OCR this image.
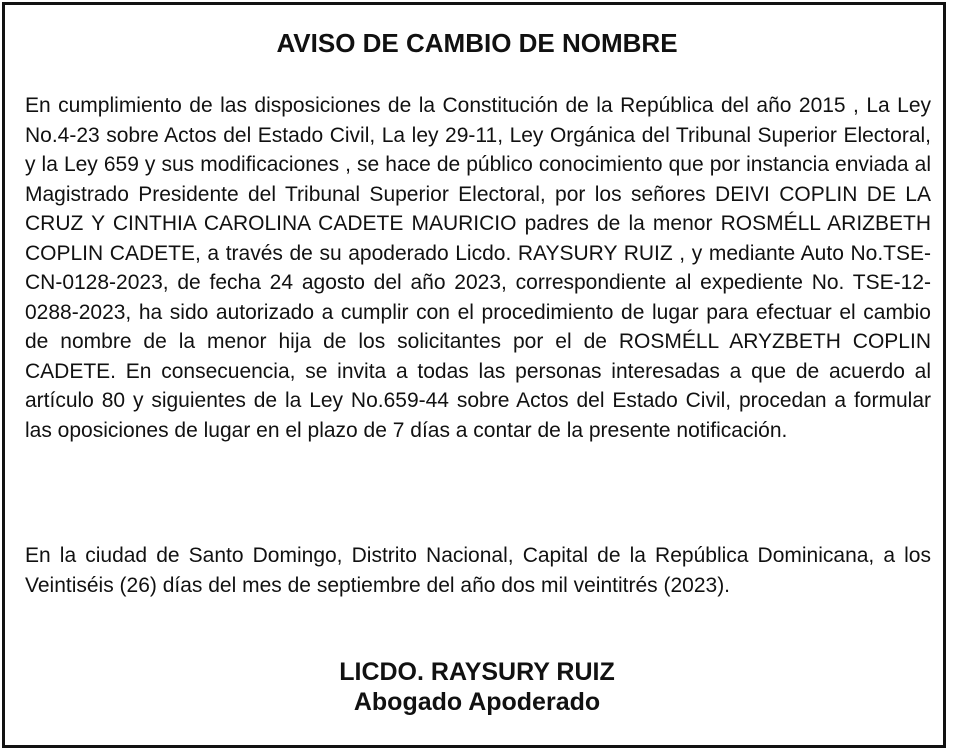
AVISO DE CAMBIO DE NOMBRE

En cumplimiento de las disposiciones de la Constitución de la República del año 2015 , La Ley No.4-23 sobre Actos del Estado Civil, La ley 29-11, Ley Orgánica del Tribunal Superior Electoral, y la Ley 659 y sus modificaciones , se hace de público conocimiento que por instancia enviada al Magistrado Presidente del Tribunal Superior Electoral, por los señores DEIVI COPLIN DE LA CRUZ Y CINTHIA CAROLINA CADETE MAURICIO padres de la menor ROSMÉLL ARIZBETH COPLIN CADETE, a través de su apoderado Licdo. RAYSURY RUIZ , y mediante Auto No.TSE-CN-0128-2023, de fecha 24 agosto del año 2023, correspondiente al expediente No. TSE-12-0288-2023, ha sido autorizado a cumplir con el procedimiento de lugar para efectuar el cambio de nombre de la menor hija de los solicitantes por el de ROSMÉLL ARYZBETH COPLIN CADETE. En consecuencia, se invita a todas las personas interesadas a que de acuerdo al artículo 80 y siguientes de la Ley No.659-44 sobre Actos del Estado Civil, procedan a formular las oposiciones de lugar en el plazo de 7 días a contar de la presente notificación.

En la ciudad de Santo Domingo, Distrito Nacional, Capital de la República Dominicana, a los Veintiséis (26) días del mes de septiembre del año dos mil veintitrés (2023).

LICDO. RAYSURY RUIZ
Abogado Apoderado
